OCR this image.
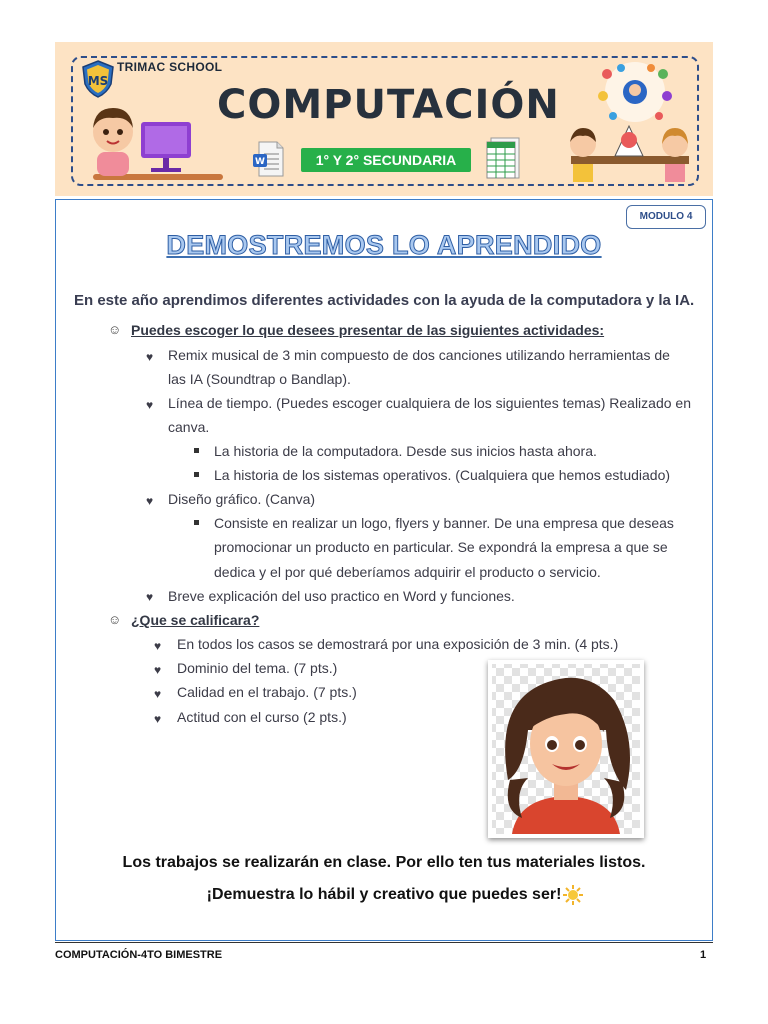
MS
TRIMAC SCHOOL
COMPUTACIÓN
W	1° Y 2° SECUNDARIA
MODULO 4
DEMOSTREMOS LO APRENDIDO
En este año aprendimos diferentes actividades con la ayuda de la computadora y la IA.
☺ Puedes escoger lo que desees presentar de las siguientes actividades:
♥ Remix musical de 3 min compuesto de dos canciones utilizando herramientas de
las IA (Soundtrap o Bandlap).
♥ Línea de tiempo. (Puedes escoger cualquiera de los siguientes temas) Realizado en
canva.
La historia de la computadora. Desde sus inicios hasta ahora.
La historia de los sistemas operativos. (Cualquiera que hemos estudiado)
♥ Diseño gráfico. (Canva)
Consiste en realizar un logo, flyers y banner. De una empresa que deseas
promocionar un producto en particular. Se expondrá la empresa a que se
dedica y el por qué deberíamos adquirir el producto o servicio.
♥ Breve explicación del uso practico en Word y funciones.
☺ ¿Que se calificara?
♥ En todos los casos se demostrará por una exposición de 3 min. (4 pts.)
♥ Dominio del tema. (7 pts.)
♥ Calidad en el trabajo. (7 pts.)
♥ Actitud con el curso (2 pts.)
Los trabajos se realizarán en clase. Por ello ten tus materiales listos.
¡Demuestra lo hábil y creativo que puedes ser!
COMPUTACIÓN-4TO BIMESTRE	1
